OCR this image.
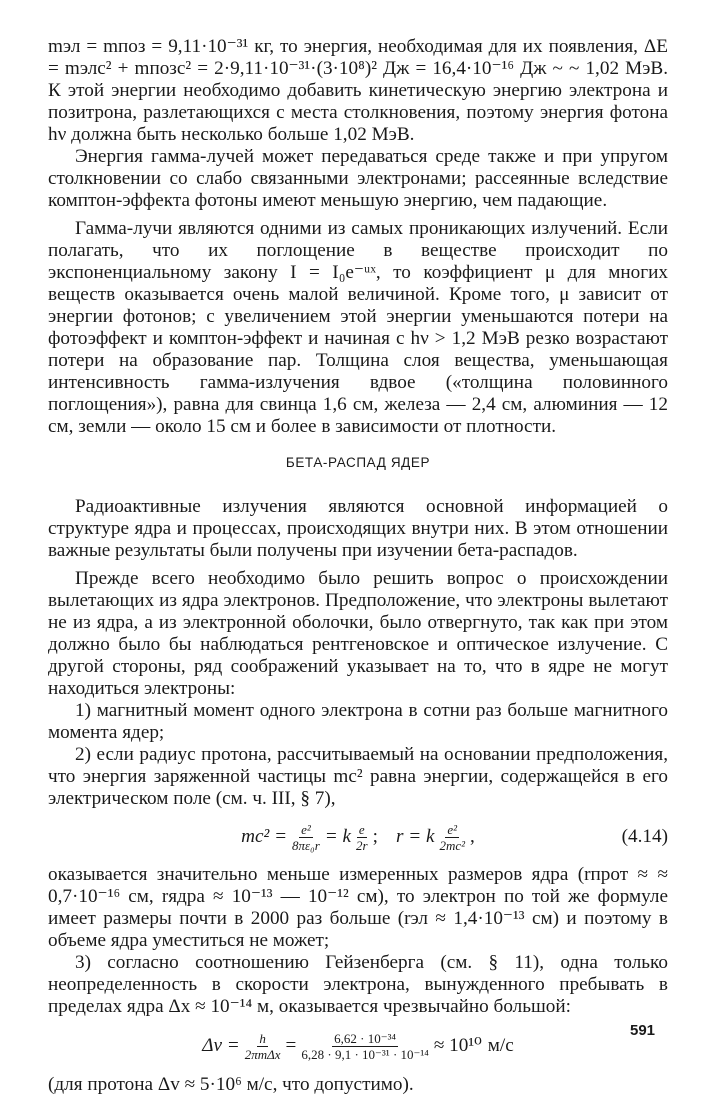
mэл = mпоз = 9,11·10⁻³¹ кг, то энергия, необходимая для их появления, ΔE = mэлc² + mпозc² = 2·9,11·10⁻³¹·(3·10⁸)² Дж = 16,4·10⁻¹⁶ Дж ~ ~ 1,02 МэВ. К этой энергии необходимо добавить кинетическую энергию электрона и позитрона, разлетающихся с места столкновения, поэтому энергия фотона hν должна быть несколько больше 1,02 МэВ.

Энергия гамма-лучей может передаваться среде также и при упругом столкновении со слабо связанными электронами; рассеянные вследствие комптон-эффекта фотоны имеют меньшую энергию, чем падающие.

Гамма-лучи являются одними из самых проникающих излучений. Если полагать, что их поглощение в веществе происходит по экспоненциальному закону I = I₀e⁻ᵘˣ, то коэффициент μ для многих веществ оказывается очень малой величиной. Кроме того, μ зависит от энергии фотонов; с увеличением этой энергии уменьшаются потери на фотоэффект и комптон-эффект и начиная с hν > 1,2 МэВ резко возрастают потери на образование пар. Толщина слоя вещества, уменьшающая интенсивность гамма-излучения вдвое («толщина половинного поглощения»), равна для свинца 1,6 см, железа — 2,4 см, алюминия — 12 см, земли — около 15 см и более в зависимости от плотности.

БЕТА-РАСПАД ЯДЕР

Радиоактивные излучения являются основной информацией о структуре ядра и процессах, происходящих внутри них. В этом отношении важные результаты были получены при изучении бета-распадов.

Прежде всего необходимо было решить вопрос о происхождении вылетающих из ядра электронов. Предположение, что электроны вылетают не из ядра, а из электронной оболочки, было отвергнуто, так как при этом должно было бы наблюдаться рентгеновское и оптическое излучение. С другой стороны, ряд соображений указывает на то, что в ядре не могут находиться электроны:

1) магнитный момент одного электрона в сотни раз больше магнитного момента ядер;

2) если радиус протона, рассчитываемый на основании предположения, что энергия заряженной частицы mc² равна энергии, содержащейся в его электрическом поле (см. ч. III, § 7),

$mc^2 = \frac{\text{e²}}{\text{8πε₀r}} = k \frac{e}{2r}$ ; r = k $\frac{\text{e²}}{\text{2mc²}}$ ,	(4.14)

оказывается значительно меньше измеренных размеров ядра (rпрот ≈ ≈ 0,7·10⁻¹⁶ см, rядра ≈ 10⁻¹³ — 10⁻¹² см), то электрон по той же формуле имеет размеры почти в 2000 раз больше (rэл ≈ 1,4·10⁻¹³ см) и поэтому в объеме ядра уместиться не может;

3) согласно соотношению Гейзенберга (см. § 11), одна только неопределенность в скорости электрона, вынужденного пребывать в пределах ядра Δx ≈ 10⁻¹⁴ м, оказывается чрезвычайно большой:

$\Delta v = \frac{h}{\text{2πmΔx}} = \frac{\text{6,62 · 10⁻³⁴}}{\text{6,28 · 9,1 · 10⁻³¹ · 10⁻¹⁴}} \approx 10^{10}$ м/с

(для протона Δv ≈ 5·10⁶ м/с, что допустимо).

591
